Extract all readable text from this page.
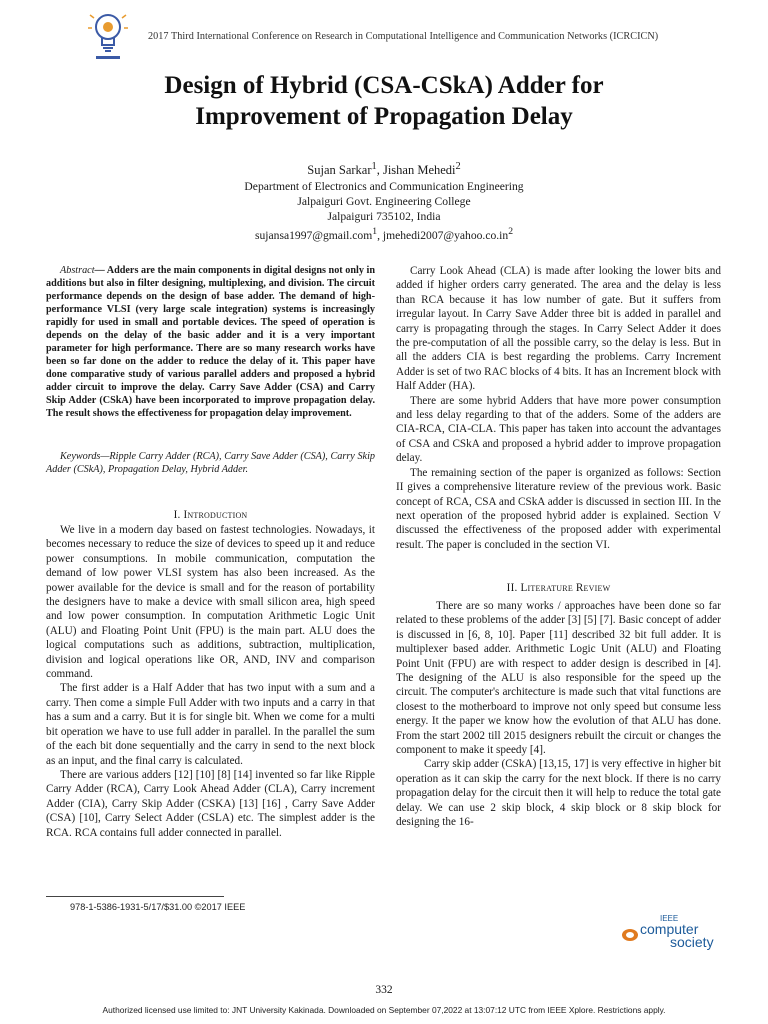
2017 Third International Conference on Research in Computational Intelligence and Communication Networks (ICRCICN)
Design of Hybrid (CSA-CSkA) Adder for
Improvement of Propagation Delay
Sujan Sarkar$^1$, Jishan Mehedi$^2$
Department of Electronics and Communication Engineering
Jalpaiguri Govt. Engineering College
Jalpaiguri 735102, India
sujansa1997@gmail.com$^1$, $jmehedi2007@yahoo.co.in^2$
Abstract— Adders are the main components in digital designs not only in additions but also in filter designing, multiplexing, and division. The circuit performance depends on the design of base adder. The demand of high-performance VLSI (very large scale integration) systems is increasingly rapidly for used in small and portable devices. The speed of operation is depends on the delay of the basic adder and it is a very important parameter for high performance. There are so many research works have been so far done on the adder to reduce the delay of it. This paper have done comparative study of various parallel adders and proposed a hybrid adder circuit to improve the delay. Carry Save Adder (CSA) and Carry Skip Adder (CSkA) have been incorporated to improve propagation delay. The result shows the effectiveness for propagation delay improvement.
Keywords—Ripple Carry Adder (RCA), Carry Save Adder (CSA), Carry Skip Adder (CSkA), Propagation Delay, Hybrid Adder.
I. Introduction

We live in a modern day based on fastest technologies. Nowadays, it becomes necessary to reduce the size of devices to speed up it and reduce power consumptions. In mobile communication, computation the demand of low power VLSI system has also been increased. As the power available for the device is small and for the reason of portability the designers have to make a device with small silicon area, high speed and low power consumption. In computation Arithmetic Logic Unit (ALU) and Floating Point Unit (FPU) is the main part. ALU does the logical computations such as additions, subtraction, multiplication, division and logical operations like OR, AND, INV and comparison command.

The first adder is a Half Adder that has two input with a sum and a carry. Then come a simple Full Adder with two inputs and a carry in that has a sum and a carry. But it is for single bit. When we come for a multi bit operation we have to use full adder in parallel. In the parallel the sum of the each bit done sequentially and the carry in send to the next block as an input, and the final carry is calculated.

There are various adders [12] [10] [8] [14] invented so far like Ripple Carry Adder (RCA), Carry Look Ahead Adder (CLA), Carry increment Adder (CIA), Carry Skip Adder (CSKA) [13] [16] , Carry Save Adder (CSA) [10], Carry Select Adder (CSLA) etc. The simplest adder is the RCA. RCA contains full adder connected in parallel.

Carry Look Ahead (CLA) is made after looking the lower bits and added if higher orders carry generated. The area and the delay is less than RCA because it has low number of gate. But it suffers from irregular layout. In Carry Save Adder three bit is added in parallel and carry is propagating through the stages. In Carry Select Adder it does the pre-computation of all the possible carry, so the delay is less. But in all the adders CIA is best regarding the problems. Carry Increment Adder is set of two RAC blocks of 4 bits. It has an Increment block with Half Adder (HA).

There are some hybrid Adders that have more power consumption and less delay regarding to that of the adders. Some of the adders are CIA-RCA, CIA-CLA. This paper has taken into account the advantages of CSA and CSkA and proposed a hybrid adder to improve propagation delay.

The remaining section of the paper is organized as follows: Section II gives a comprehensive literature review of the previous work. Basic concept of RCA, CSA and CSkA adder is discussed in section III. In the next operation of the proposed hybrid adder is explained. Section V discussed the effectiveness of the proposed adder with experimental result. The paper is concluded in the section VI.

II. Literature Review

There are so many works / approaches have been done so far related to these problems of the adder [3] [5] [7]. Basic concept of adder is discussed in [6, 8, 10]. Paper [11] described 32 bit full adder. It is multiplexer based adder. Arithmetic Logic Unit (ALU) and Floating Point Unit (FPU) are with respect to adder design is described in [4]. The designing of the ALU is also responsible for the speed up the circuit. The computer's architecture is made such that vital functions are closest to the motherboard to improve not only speed but consume less energy. It the paper we know how the evolution of that ALU has done. From the start 2002 till 2015 designers rebuilt the circuit or changes the component to make it speedy [4].

Carry skip adder (CSkA) [13,15, 17] is very effective in higher bit operation as it can skip the carry for the next block. If there is no carry propagation delay for the circuit then it will help to reduce the total gate delay. We can use 2 skip block, 4 skip block or 8 skip block for designing the 16-

978-1-5386-1931-5/17/$31.00 ©2017 IEEE
IEEE
computer
society
332
Authorized licensed use limited to: JNT University Kakinada. Downloaded on September 07,2022 at 13:07:12 UTC from IEEE Xplore. Restrictions apply.
